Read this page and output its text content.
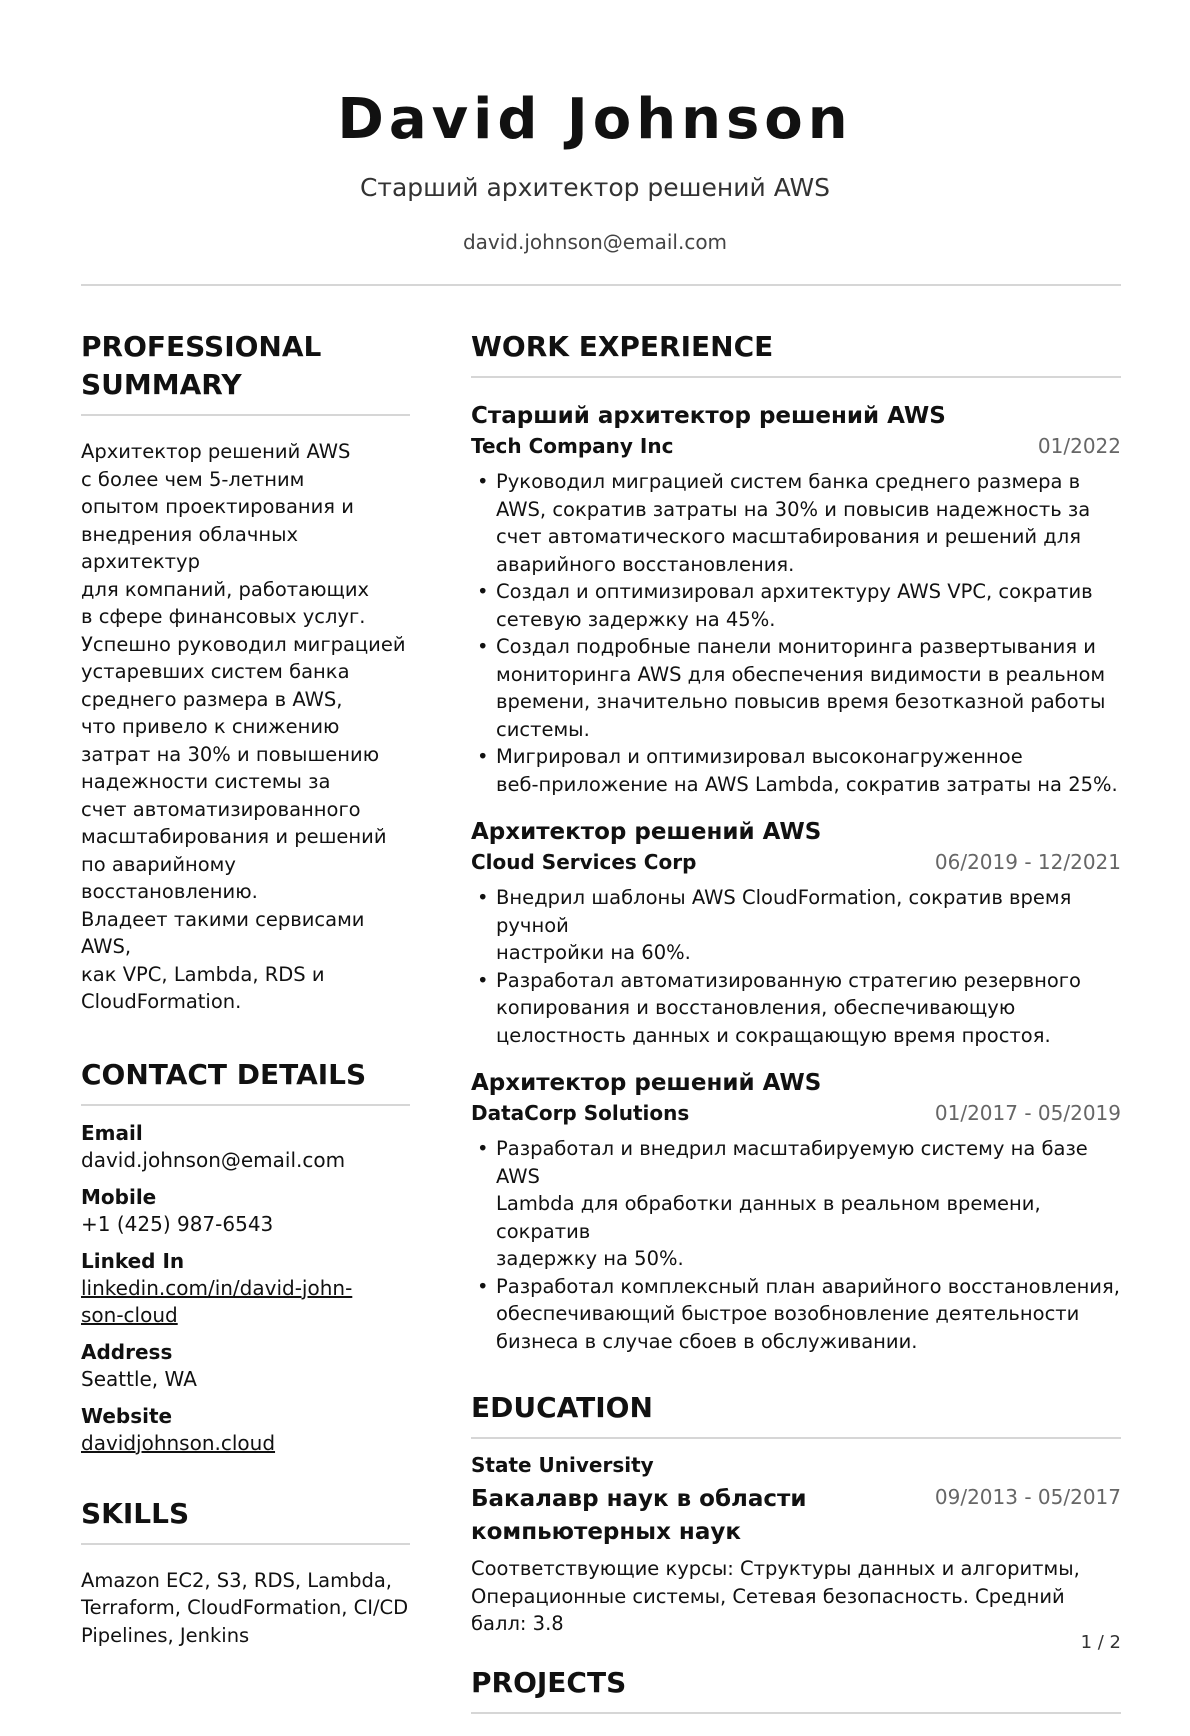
David Johnson
Старший архитектор решений AWS
david.johnson@email.com
PROFESSIONAL
SUMMARY

Архитектор решений AWS
с более чем 5-летним
опытом проектирования и
внедрения облачных архитектур
для компаний, работающих
в сфере финансовых услуг.
Успешно руководил миграцией
устаревших систем банка
среднего размера в AWS,
что привело к снижению
затрат на 30% и повышению
надежности системы за
счет автоматизированного
масштабирования и решений
по аварийному восстановлению.
Владеет такими сервисами AWS,
как VPC, Lambda, RDS и
CloudFormation.

CONTACT DETAILS
Email
david.johnson@email.com
Mobile
+1 (425) 987-6543
Linked In
linkedin.com/in/david-john-
son-cloud
Address
Seattle, WA
Website
davidjohnson.cloud
SKILLS
Amazon EC2, S3, RDS, Lambda,
Terraform, CloudFormation, CI/CD
Pipelines, Jenkins
WORK EXPERIENCE
Старший архитектор решений AWS
Tech Company Inc	01/2022
• Руководил миграцией систем банка среднего размера в
AWS, сократив затраты на 30% и повысив надежность за
счет автоматического масштабирования и решений для
аварийного восстановления.
• Создал и оптимизировал архитектуру AWS VPC, сократив
сетевую задержку на 45%.
• Создал подробные панели мониторинга развертывания и
мониторинга AWS для обеспечения видимости в реальном
времени, значительно повысив время безотказной работы
системы.
• Мигрировал и оптимизировал высоконагруженное
веб-приложение на AWS Lambda, сократив затраты на 25%.
Архитектор решений AWS
Cloud Services Corp	06/2019 - 12/2021
• Внедрил шаблоны AWS CloudFormation, сократив время ручной
настройки на 60%.
• Разработал автоматизированную стратегию резервного
копирования и восстановления, обеспечивающую
целостность данных и сокращающую время простоя.
Архитектор решений AWS
DataCorp Solutions	01/2017 - 05/2019
• Разработал и внедрил масштабируемую систему на базе AWS
Lambda для обработки данных в реальном времени, сократив
задержку на 50%.
• Разработал комплексный план аварийного восстановления,
обеспечивающий быстрое возобновление деятельности
бизнеса в случае сбоев в обслуживании.
EDUCATION
State University
Бакалавр наук в области
компьютерных наук
09/2013 - 05/2017
Соответствующие курсы: Структуры данных и алгоритмы,
Операционные системы, Сетевая безопасность. Средний балл: 3.8
PROJECTS
1 / 2
